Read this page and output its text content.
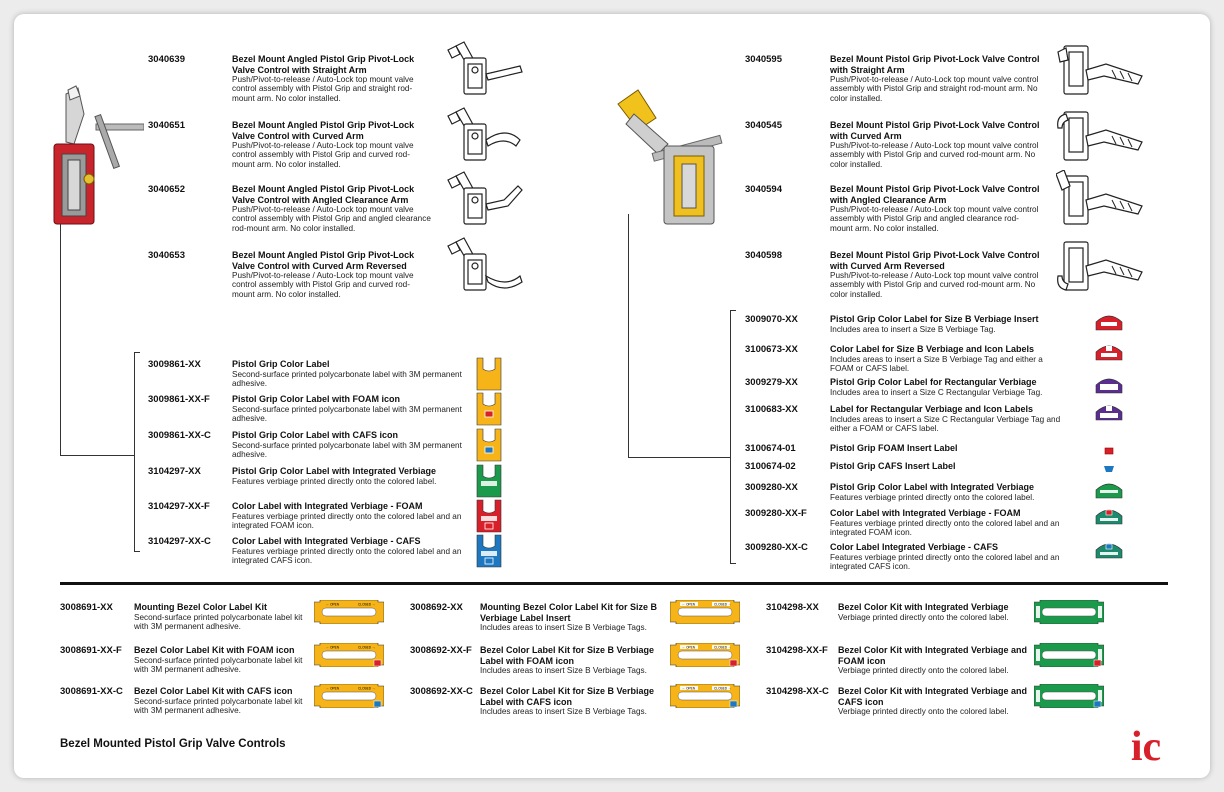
3040639	Bezel Mount Angled Pistol Grip Pivot-Lock Valve Control with Straight Arm
Push/Pivot-to-release / Auto-Lock top mount valve control assembly with Pistol Grip and straight rod-mount arm. No color installed.
3040651	Bezel Mount Angled Pistol Grip Pivot-Lock Valve Control with Curved Arm
Push/Pivot-to-release / Auto-Lock top mount valve control assembly with Pistol Grip and curved rod-mount arm. No color installed.
3040652	Bezel Mount Angled Pistol Grip Pivot-Lock Valve Control with Angled Clearance Arm
Push/Pivot-to-release / Auto-Lock top mount valve control assembly with Pistol Grip and angled clearance rod-mount arm. No color installed.
3040653	Bezel Mount Angled Pistol Grip Pivot-Lock Valve Control with Curved Arm Reversed
Push/Pivot-to-release / Auto-Lock top mount valve control assembly with Pistol Grip and curved rod-mount arm. No color installed.
3040595	Bezel Mount Pistol Grip Pivot-Lock Valve Control with Straight Arm
Push/Pivot-to-release / Auto-Lock top mount valve control assembly with Pistol Grip and straight rod-mount arm. No color installed.
3040545	Bezel Mount Pistol Grip Pivot-Lock Valve Control with Curved Arm
Push/Pivot-to-release / Auto-Lock top mount valve control assembly with Pistol Grip and curved rod-mount arm. No color installed.
3040594	Bezel Mount Pistol Grip Pivot-Lock Valve Control with Angled Clearance Arm
Push/Pivot-to-release / Auto-Lock top mount valve control assembly with Pistol Grip and angled clearance rod-mount arm. No color installed.
3040598	Bezel Mount Pistol Grip Pivot-Lock Valve Control with Curved Arm Reversed
Push/Pivot-to-release / Auto-Lock top mount valve control assembly with Pistol Grip and curved rod-mount arm. No color installed.
3009861-XX	Pistol Grip Color Label
Second-surface printed polycarbonate label with 3M permanent adhesive.
3009861-XX-F Pistol Grip Color Label with FOAM icon
Second-surface printed polycarbonate label with 3M permanent adhesive.
3009861-XX-C Pistol Grip Color Label with CAFS icon
Second-surface printed polycarbonate label with 3M permanent adhesive.
3104297-XX	Pistol Grip Color Label with Integrated Verbiage
Features verbiage printed directly onto the colored label.
3104297-XX-F Color Label with Integrated Verbiage - FOAM
Features verbiage printed directly onto the colored label and an integrated FOAM icon.
3104297-XX-C Color Label with Integrated Verbiage - CAFS
Features verbiage printed directly onto the colored label and an integrated CAFS icon.
3009070-XX	Pistol Grip Color Label for Size B Verbiage Insert
Includes area to insert a Size B Verbiage Tag.
3100673-XX	Color Label for Size B Verbiage and Icon Labels
Includes areas to insert a Size B Verbiage Tag and either a FOAM or CAFS label.
3009279-XX	Pistol Grip Color Label for Rectangular Verbiage
Includes area to insert a Size C Rectangular Verbiage Tag.
3100683-XX	Label for Rectangular Verbiage and Icon Labels
Includes areas to insert a Size C Rectangular Verbiage Tag and either a FOAM or CAFS label.
3100674-01	Pistol Grip FOAM Insert Label
3100674-02	Pistol Grip CAFS Insert Label
3009280-XX	Pistol Grip Color Label with Integrated Verbiage
Features verbiage printed directly onto the colored label.
3009280-XX-F	Color Label with Integrated Verbiage - FOAM
Features verbiage printed directly onto the colored label and an integrated FOAM icon.
3009280-XX-C Color Label Integrated Verbiage - CAFS
Features verbiage printed directly onto the colored label and an integrated CAFS icon.
3008691-XX Mounting Bezel Color Label Kit
Second-surface printed polycarbonate label kit with 3M permanent adhesive.
← OPEN	CLOSED →
3008691-XX-F Bezel Color Label Kit with FOAM icon
Second-surface printed polycarbonate label kit with 3M permanent adhesive.
← OPEN	CLOSED →
3008691-XX-C Bezel Color Label Kit with CAFS icon
Second-surface printed polycarbonate label kit with 3M permanent adhesive.
← OPEN	CLOSED →
3008692-XX Mounting Bezel Color Label Kit for Size B Verbiage Label Insert
Includes areas to insert Size B Verbiage Tags.
← OPEN	CLOSED →
3008692-XX-F Bezel Color Label Kit for Size B Verbiage Label with FOAM icon
Includes areas to insert Size B Verbiage Tags.
← OPEN	CLOSED →
3008692-XX-C Bezel Color Label Kit for Size B Verbiage Label with CAFS icon
Includes areas to insert Size B Verbiage Tags.
← OPEN	CLOSED →
3104298-XX Bezel Color Kit with Integrated Verbiage
Verbiage printed directly onto the colored label.
3104298-XX-F Bezel Color Kit with Integrated Verbiage and FOAM icon
Verbiage printed directly onto the colored label.
3104298-XX-C Bezel Color Kit with Integrated Verbiage and CAFS icon
Verbiage printed directly onto the colored label.
Bezel Mounted Pistol Grip Valve Controls	ic
